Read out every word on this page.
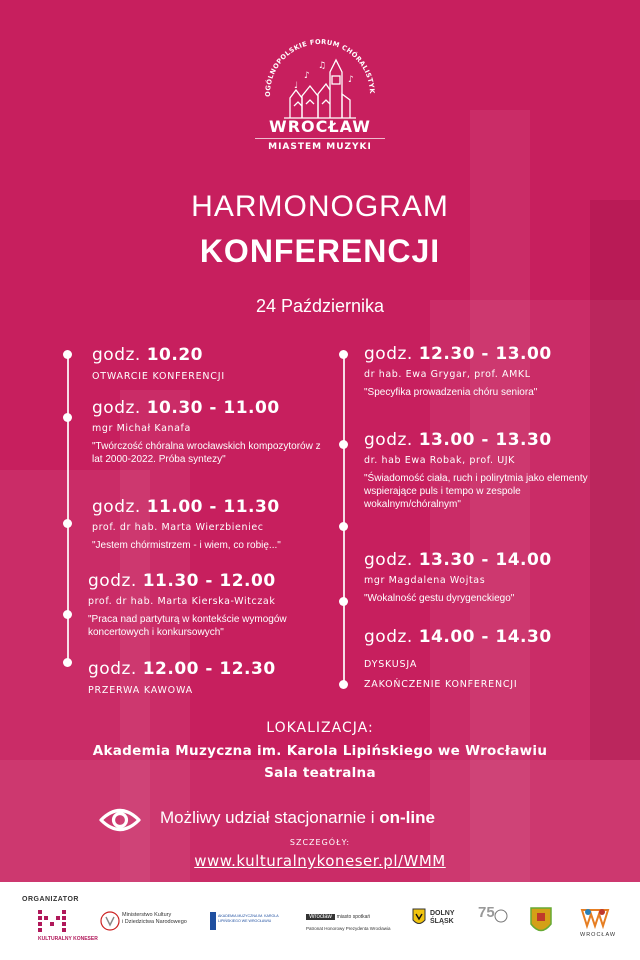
OGÓLNOPOLSKIE FORUM CHÓRALISTYK
♪
♫
♪
♩
WROCŁAW
MIASTEM MUZYKI
HARMONOGRAM
KONFERENCJI
24 Października
godz. 10.20
OTWARCIE KONFERENCJI
godz. 10.30 - 11.00
mgr Michał Kanafa
"Twórczość chóralna wrocławskich kompozytorów z lat 2000-2022. Próba syntezy"
godz. 11.00 - 11.30
prof. dr hab. Marta Wierzbieniec
"Jestem chórmistrzem - i wiem, co robię..."
godz. 11.30 - 12.00
prof. dr hab. Marta Kierska-Witczak
"Praca nad partyturą w kontekście wymogów koncertowych i konkursowych"
godz. 12.00 - 12.30
PRZERWA KAWOWA
godz. 12.30 - 13.00
dr hab. Ewa Grygar, prof. AMKL
"Specyfika prowadzenia chóru seniora"
godz. 13.00 - 13.30
dr. hab Ewa Robak, prof. UJK
"Świadomość ciała, ruch i polirytmia jako elementy wspierające puls i tempo w zespole wokalnym/chóralnym"
godz. 13.30 - 14.00
mgr Magdalena Wojtas
"Wokalność gestu dyrygenckiego"
godz. 14.00 - 14.30
DYSKUSJA
ZAKOŃCZENIE KONFERENCJI
LOKALIZACJA:
Akademia Muzyczna im. Karola Lipińskiego we Wrocławiu
Sala teatralna
Możliwy udział stacjonarnie i on-line
SZCZEGÓŁY:
www.kulturalnykoneser.pl/WMM
ORGANIZATOR
KULTURALNY KONESER
Ministerstwo Kultury
i Dziedzictwa Narodowego
AKADEMIA MUZYCZNA IM. KAROLA LIPIŃSKIEGO WE WROCŁAWIU
Wrocław miasto spotkań
Patronat Honorowy Prezydenta Wrocławia
DOLNY ŚLĄSK
75
WROCŁAW
